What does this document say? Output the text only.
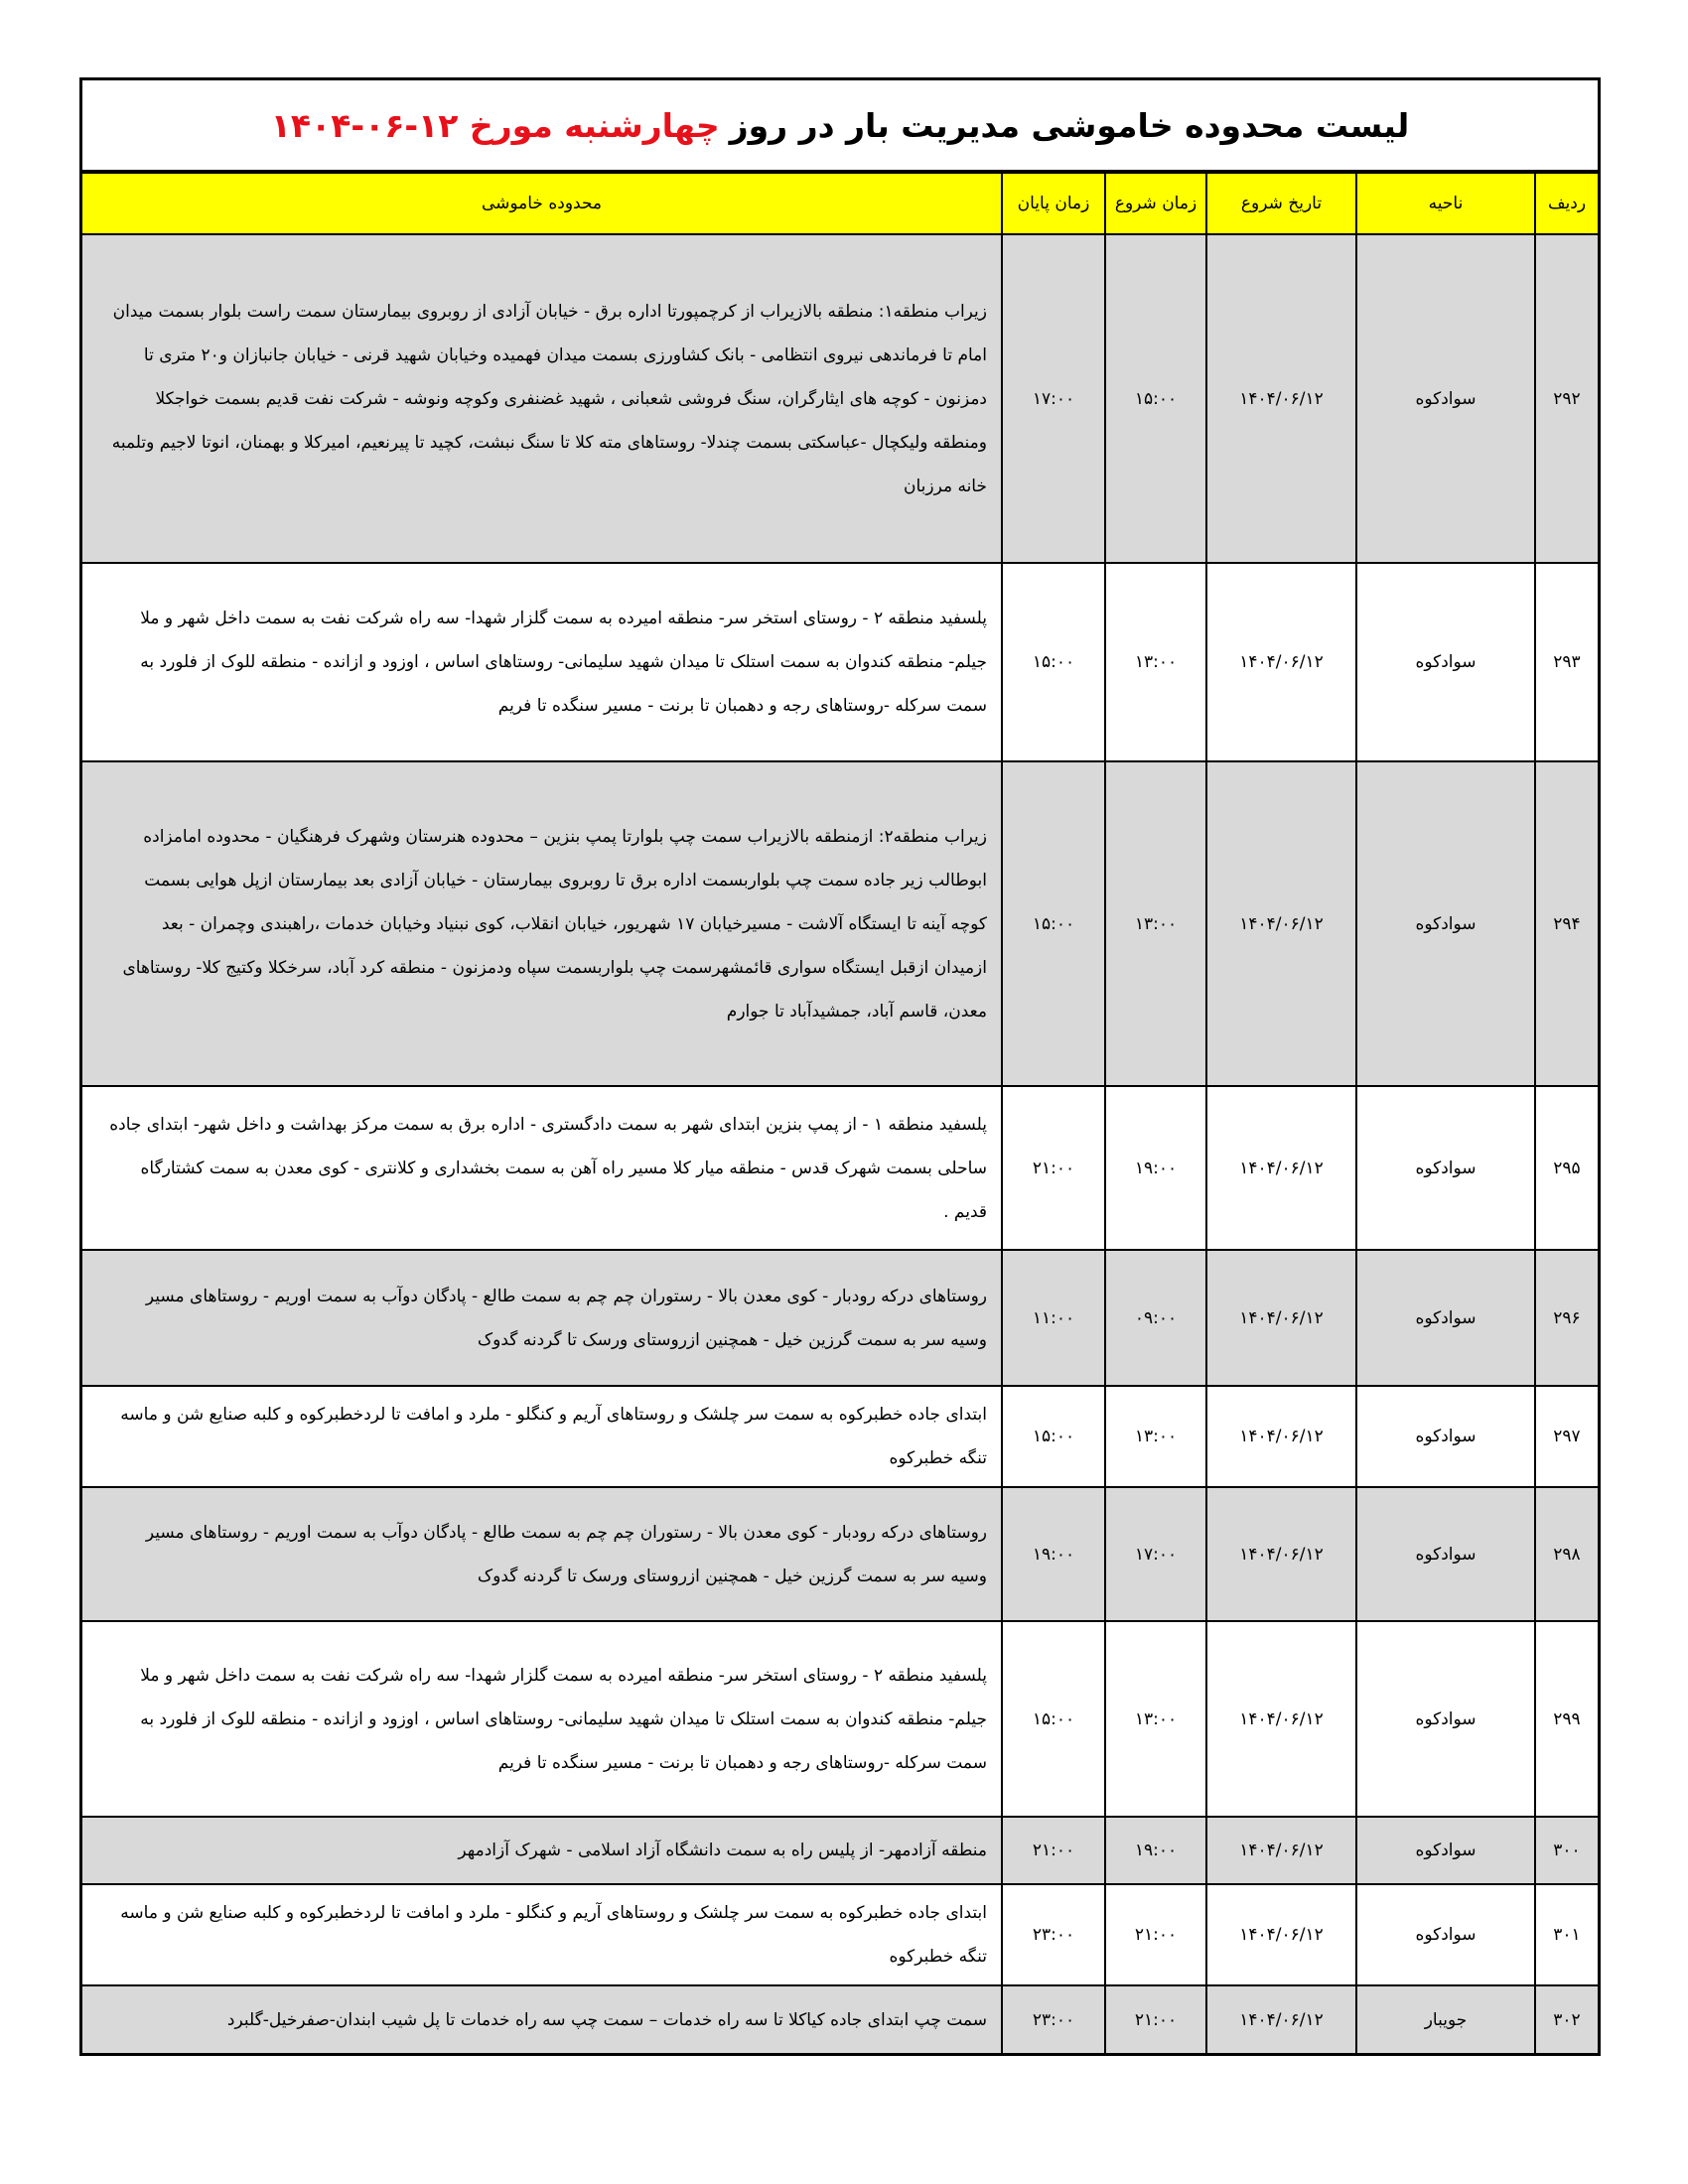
لیست محدوده خاموشی مدیریت بار در روز
چهارشنبه مورخ ۱۲-۰۶-۱۴۰۴
ردیف	ناحیه	تاریخ شروع	زمان شروع	زمان پایان	محدوده خاموشی
۲۹۲	سوادکوه	۱۴۰۴/۰۶/۱۲	۱۵:۰۰	۱۷:۰۰	زیراب منطقه۱: منطقه بالازیراب از کرچمپورتا اداره برق - خیابان آزادی از روبروی بیمارستان سمت راست بلوار بسمت میدان امام تا فرماندهی نیروی انتظامی - بانک کشاورزی بسمت میدان فهمیده وخیابان شهید قرنی - خیابان جانبازان و۲۰ متری تا دمزنون - کوچه های ایثارگران، سنگ فروشی شعبانی ، شهید غضنفری وکوچه ونوشه - شرکت نفت قدیم بسمت خواجکلا ومنطقه ولیکچال -عباسکتی بسمت چندلا- روستاهای مته کلا تا سنگ نبشت، کچید تا پیرنعیم، امیرکلا و بهمنان، انوتا لاجیم وتلمبه خانه مرزبان
۲۹۳	سوادکوه	۱۴۰۴/۰۶/۱۲	۱۳:۰۰	۱۵:۰۰	پلسفید منطقه ۲ - روستای استخر سر- منطقه امیرده به سمت گلزار شهدا- سه راه شرکت نفت به سمت داخل شهر و ملا جیلم- منطقه کندوان به سمت استلک تا میدان شهید سلیمانی- روستاهای اساس ، اوزود و ازانده - منطقه للوک از فلورد به سمت سرکله -روستاهای رجه و دهمبان تا برنت - مسیر سنگده تا فریم
۲۹۴	سوادکوه	۱۴۰۴/۰۶/۱۲	۱۳:۰۰	۱۵:۰۰	زیراب منطقه۲: ازمنطقه بالازیراب سمت چپ بلوارتا پمپ بنزین – محدوده هنرستان وشهرک فرهنگیان - محدوده امامزاده ابوطالب زیر جاده سمت چپ بلواربسمت اداره برق تا روبروی بیمارستان - خیابان آزادی بعد بیمارستان ازپل هوایی بسمت کوچه آینه تا ایستگاه آلاشت - مسیرخیابان ۱۷ شهریور، خیابان انقلاب، کوی نبنیاد وخیابان خدمات ،راهبندی وچمران - بعد ازمیدان ازقبل ایستگاه سواری قائمشهرسمت چپ بلواربسمت سپاه ودمزنون - منطقه کرد آباد، سرخکلا وکتیج کلا- روستاهای معدن، قاسم آباد، جمشیدآباد تا جوارم
۲۹۵	سوادکوه	۱۴۰۴/۰۶/۱۲	۱۹:۰۰	۲۱:۰۰	پلسفید منطقه ۱ - از پمپ بنزین ابتدای شهر به سمت دادگستری - اداره برق به سمت مرکز بهداشت و داخل شهر- ابتدای جاده ساحلی بسمت شهرک قدس - منطقه میار کلا مسیر راه آهن به سمت بخشداری و کلانتری - کوی معدن به سمت کشتارگاه قدیم .
۲۹۶	سوادکوه	۱۴۰۴/۰۶/۱۲	۰۹:۰۰	۱۱:۰۰	روستاهای درکه رودبار - کوی معدن بالا - رستوران چم چم به سمت طالع - پادگان دوآب به سمت اوریم - روستاهای مسیر وسیه سر به سمت گرزین خیل - همچنین ازروستای ورسک تا گردنه گدوک
۲۹۷	سوادکوه	۱۴۰۴/۰۶/۱۲	۱۳:۰۰	۱۵:۰۰	ابتدای جاده خطبرکوه به سمت سر چلشک و روستاهای آریم و کنگلو - ملرد و امافت تا لردخطبرکوه و کلبه صنایع شن و ماسه تنگه خطبرکوه
۲۹۸	سوادکوه	۱۴۰۴/۰۶/۱۲	۱۷:۰۰	۱۹:۰۰	روستاهای درکه رودبار - کوی معدن بالا - رستوران چم چم به سمت طالع - پادگان دوآب به سمت اوریم - روستاهای مسیر وسیه سر به سمت گرزین خیل - همچنین ازروستای ورسک تا گردنه گدوک
۲۹۹	سوادکوه	۱۴۰۴/۰۶/۱۲	۱۳:۰۰	۱۵:۰۰	پلسفید منطقه ۲ - روستای استخر سر- منطقه امیرده به سمت گلزار شهدا- سه راه شرکت نفت به سمت داخل شهر و ملا جیلم- منطقه کندوان به سمت استلک تا میدان شهید سلیمانی- روستاهای اساس ، اوزود و ازانده - منطقه للوک از فلورد به سمت سرکله -روستاهای رجه و دهمبان تا برنت - مسیر سنگده تا فریم
۳۰۰	سوادکوه	۱۴۰۴/۰۶/۱۲	۱۹:۰۰	۲۱:۰۰	منطقه آزادمهر- از پلیس راه به سمت دانشگاه آزاد اسلامی - شهرک آزادمهر
۳۰۱	سوادکوه	۱۴۰۴/۰۶/۱۲	۲۱:۰۰	۲۳:۰۰	ابتدای جاده خطبرکوه به سمت سر چلشک و روستاهای آریم و کنگلو - ملرد و امافت تا لردخطبرکوه و کلبه صنایع شن و ماسه تنگه خطبرکوه
۳۰۲	جویبار	۱۴۰۴/۰۶/۱۲	۲۱:۰۰	۲۳:۰۰	سمت چپ ابتدای جاده کیاکلا تا سه راه خدمات – سمت چپ سه راه خدمات تا پل شیب ابندان-صفرخیل-گلبرد
